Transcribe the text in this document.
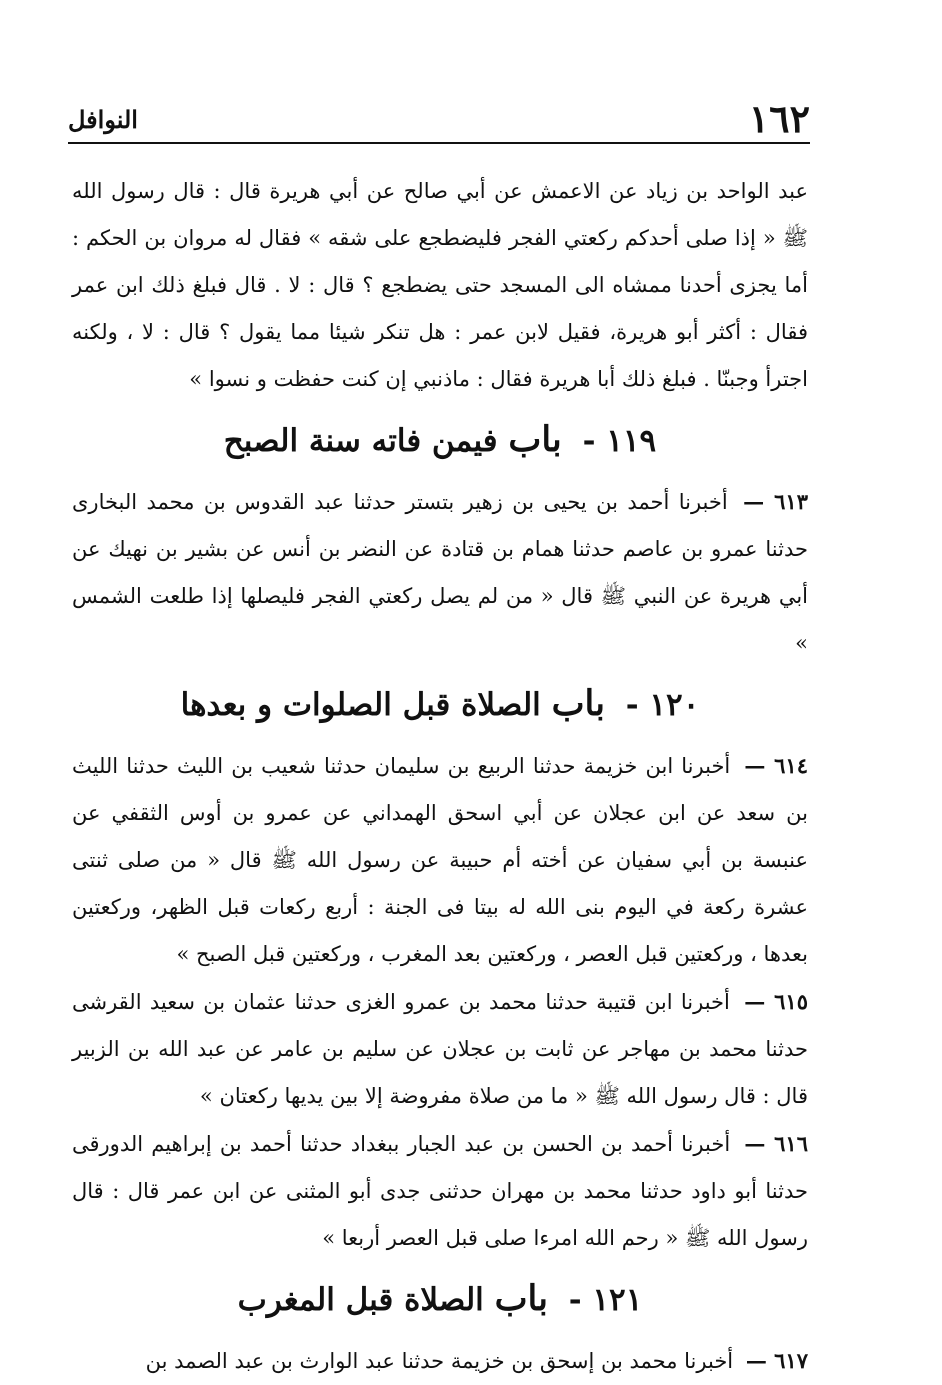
١٦٢
النوافل

عبد الواحد بن زياد عن الاعمش عن أبي صالح عن أبي هريرة قال : قال رسول الله ﷺ « إذا صلى أحدكم ركعتي الفجر فليضطجع على شقه » فقال له مروان بن الحكم : أما يجزى أحدنا ممشاه الى المسجد حتى يضطجع ؟ قال : لا . قال فبلغ ذلك ابن عمر فقال : أكثر أبو هريرة، فقيل لابن عمر : هل تنكر شيئا مما يقول ؟ قال : لا ، ولكنه اجترأ وجبنّا . فبلغ ذلك أبا هريرة فقال : ماذنبي إن كنت حفظت و نسوا »

١١٩ - باب فيمن فاته سنة الصبح

٦١٣ — أخبرنا أحمد بن يحيى بن زهير بتستر حدثنا عبد القدوس بن محمد البخارى حدثنا عمرو بن عاصم حدثنا همام بن قتادة عن النضر بن أنس عن بشير بن نهيك عن أبي هريرة عن النبي ﷺ قال « من لم يصل ركعتي الفجر فليصلها إذا طلعت الشمس »

١٢٠ - باب الصلاة قبل الصلوات و بعدها

٦١٤ — أخبرنا ابن خزيمة حدثنا الربيع بن سليمان حدثنا شعيب بن الليث حدثنا الليث بن سعد عن ابن عجلان عن أبي اسحق الهمداني عن عمرو بن أوس الثقفي عن عنبسة بن أبي سفيان عن أخته أم حبيبة عن رسول الله ﷺ قال « من صلى ثنتى عشرة ركعة في اليوم بنى الله له بيتا فى الجنة : أربع ركعات قبل الظهر، وركعتين بعدها ، وركعتين قبل العصر ، وركعتين بعد المغرب ، وركعتين قبل الصبح »

٦١٥ — أخبرنا ابن قتيبة حدثنا محمد بن عمرو الغزى حدثنا عثمان بن سعيد القرشى حدثنا محمد بن مهاجر عن ثابت بن عجلان عن سليم بن عامر عن عبد الله بن الزبير قال : قال رسول الله ﷺ « ما من صلاة مفروضة إلا بين يديها ركعتان »

٦١٦ — أخبرنا أحمد بن الحسن بن عبد الجبار ببغداد حدثنا أحمد بن إبراهيم الدورقى حدثنا أبو داود حدثنا محمد بن مهران حدثنى جدى أبو المثنى عن ابن عمر قال : قال رسول الله ﷺ « رحم الله امرءا صلى قبل العصر أربعا »

١٢١ - باب الصلاة قبل المغرب

٦١٧ — أخبرنا محمد بن إسحق بن خزيمة حدثنا عبد الوارث بن عبد الصمد بن
